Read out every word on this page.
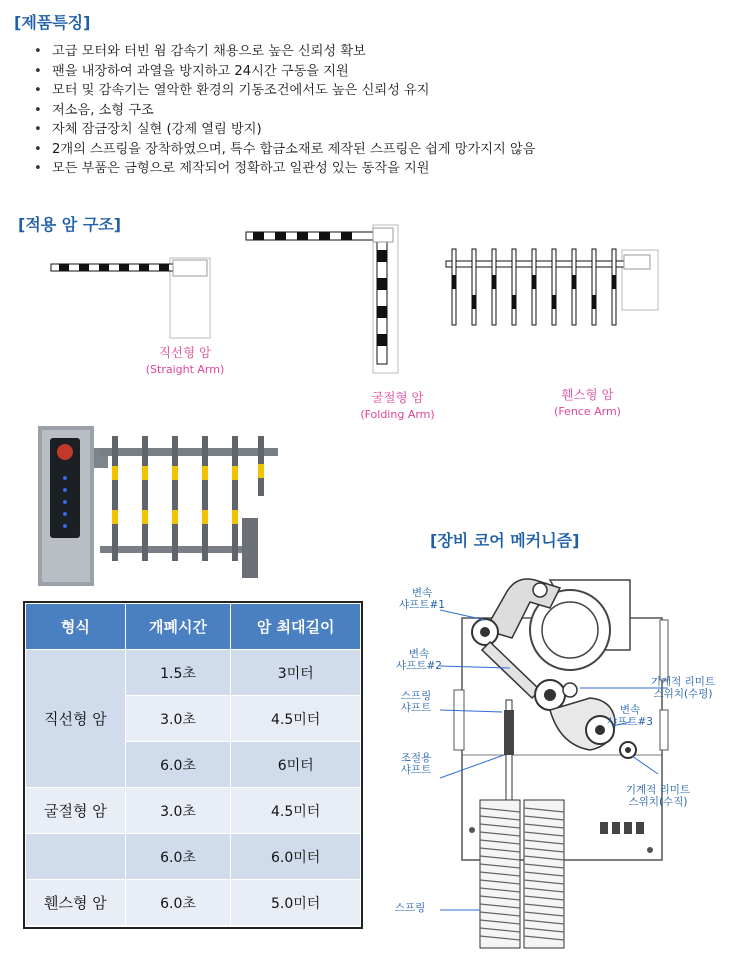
[제품특징]
• 고급 모터와 터빈 웜 감속기 채용으로 높은 신뢰성 확보
• 팬을 내장하여 과열을 방지하고 24시간 구동을 지원
• 모터 및 감속기는 열악한 환경의 기동조건에서도 높은 신뢰성 유지
• 저소음, 소형 구조
• 자체 잠금장치 실현 (강제 열림 방지)
• 2개의 스프링을 장착하였으며, 특수 합금소재로 제작된 스프링은 쉽게 망가지지 않음
• 모든 부품은 금형으로 제작되어 정확하고 일관성 있는 동작을 지원
[적용 암 구조]
직선형 암
(Straight Arm)
굴절형 암
(Folding Arm)
휀스형 암
(Fence Arm)
형식	개폐시간	암 최대길이
직선형 암	1.5초	3미터
	3.0초	4.5미터
	6.0초	6미터
굴절형 암	3.0초	4.5미터
	6.0초	6.0미터
휀스형 암	6.0초	5.0미터
[장비 코어 메커니즘]
변속
샤프트#1
변속
샤프트#2
스프링
샤프트
조절용
샤프트
스프링
기계적 리미트
스위치(수평)
변속
샤프트#3
기계적 리미트
스위치(수직)
